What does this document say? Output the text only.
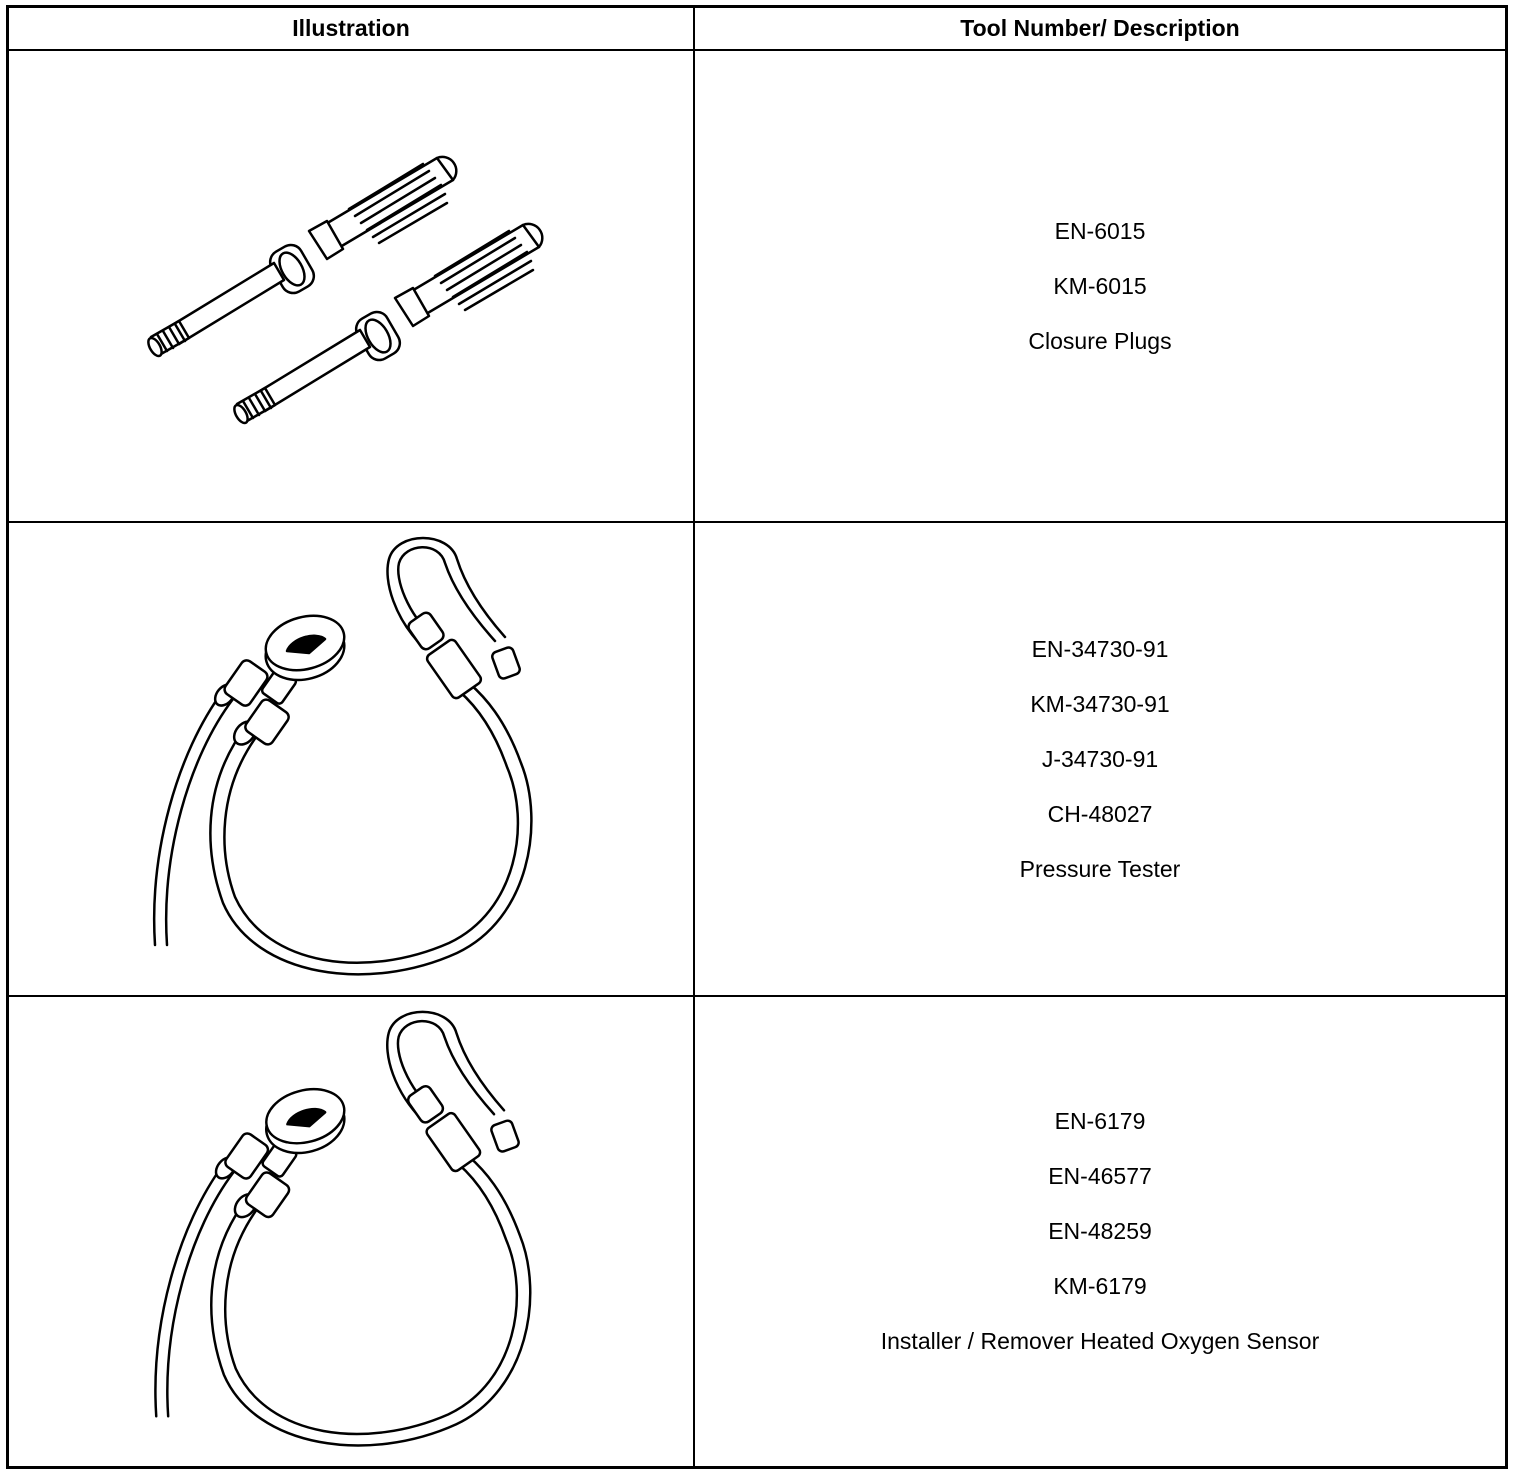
Illustration	Tool Number/ Description
EN-6015
KM-6015
Closure Plugs
EN-34730-91
KM-34730-91
J-34730-91
CH-48027
Pressure Tester
EN-6179
EN-46577
EN-48259
KM-6179
Installer / Remover Heated Oxygen Sensor
